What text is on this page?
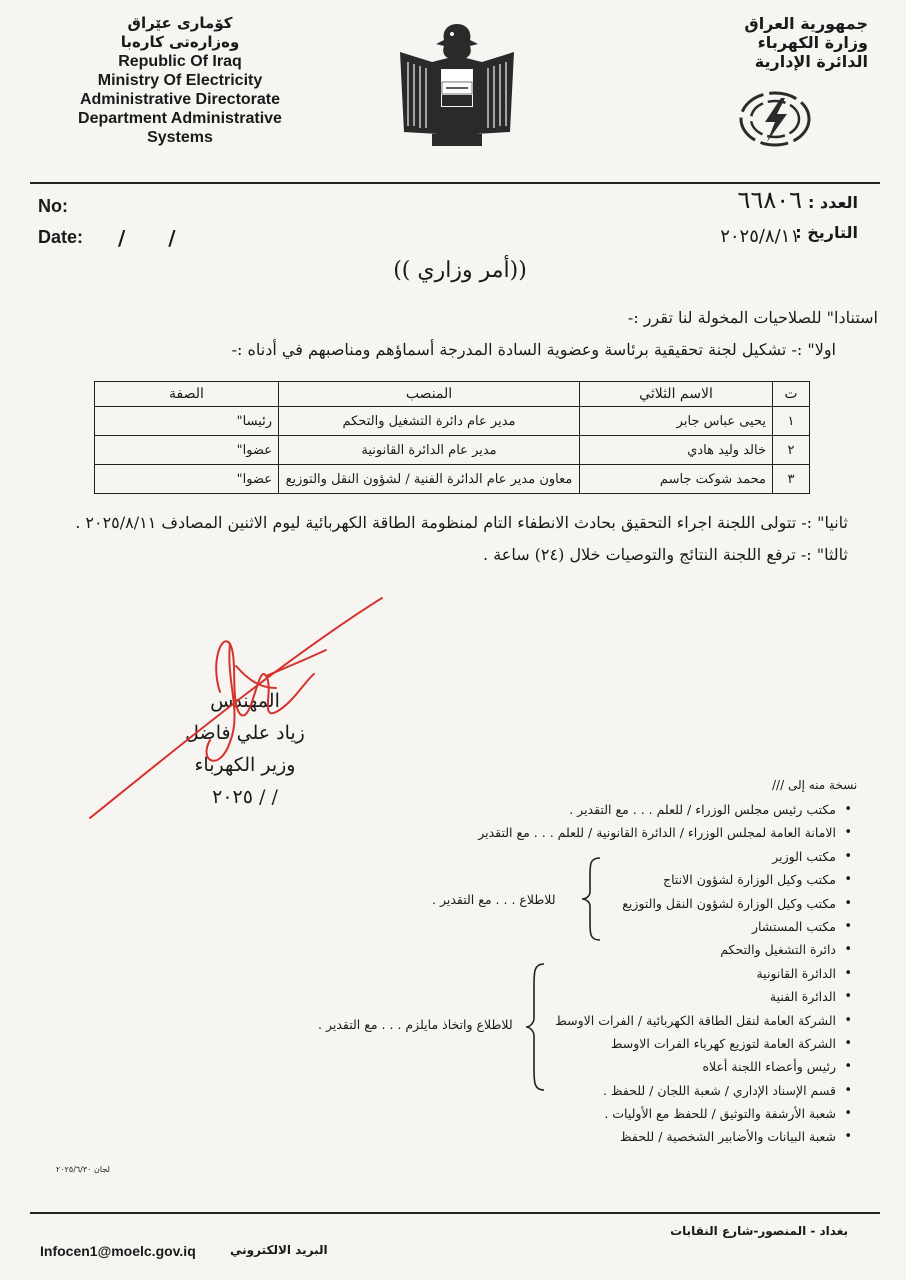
کۆماری عێراق
وەزارەتی کارەبا
Republic Of Iraq
Ministry Of Electricity
Administrative Directorate
Department Administrative
Systems
جمهورية العراق
وزارة الكهرباء
الدائرة الإدارية
No:
Date: / /
العدد :
٦٦٨٠٦
التاريخ :
٢٠٢٥/٨/١١
((أمر وزاري ))
استنادا" للصلاحيات المخولة لنا تقرر :-
اولا" :- تشكيل لجنة تحقيقية برئاسة وعضوية السادة المدرجة أسماؤهم ومناصبهم في أدناه :-
ت	الاسم الثلاثي	المنصب	الصفة
١	يحيى عباس جابر	مدير عام دائرة التشغيل والتحكم	رئيسا"
٢	خالد وليد هادي	مدير عام الدائرة القانونية	عضوا"
٣	محمد شوكت جاسم	معاون مدير عام الدائرة الفنية / لشؤون النقل والتوزيع	عضوا"
ثانيا" :- تتولى اللجنة اجراء التحقيق بحادث الانطفاء التام لمنظومة الطاقة الكهربائية ليوم الاثنين المصادف ٢٠٢٥/٨/١١ .
ثالثا" :- ترفع اللجنة النتائج والتوصيات خلال (٢٤) ساعة .
المهندس
زياد علي فاضل
وزير الكهرباء
/ / ٢٠٢٥
نسخة منه إلى ///
• مكتب رئيس مجلس الوزراء / للعلم . . . مع التقدير .
• الامانة العامة لمجلس الوزراء / الدائرة القانونية / للعلم . . . مع التقدير
• مكتب الوزير
• مكتب وكيل الوزارة لشؤون الانتاج
• مكتب وكيل الوزارة لشؤون النقل والتوزيع
• مكتب المستشار
• دائرة التشغيل والتحكم
• الدائرة القانونية
• الدائرة الفنية
• الشركة العامة لنقل الطاقة الكهربائية / الفرات الاوسط
• الشركة العامة لتوزيع كهرباء الفرات الاوسط
• رئيس وأعضاء اللجنة أعلاه
• قسم الإسناد الإداري / شعبة اللجان / للحفظ .
• شعبة الأرشفة والتوثيق / للحفظ مع الأوليات .
• شعبة البيانات والأضابير الشخصية / للحفظ
للاطلاع . . . مع التقدير .
للاطلاع واتخاذ مايلزم . . . مع التقدير .
لجان ٢٠٢٥/٦/٣٠
بغداد - المنصور-شارع النقابات
Infocen1@moelc.gov.iq	البريد الالكتروني
